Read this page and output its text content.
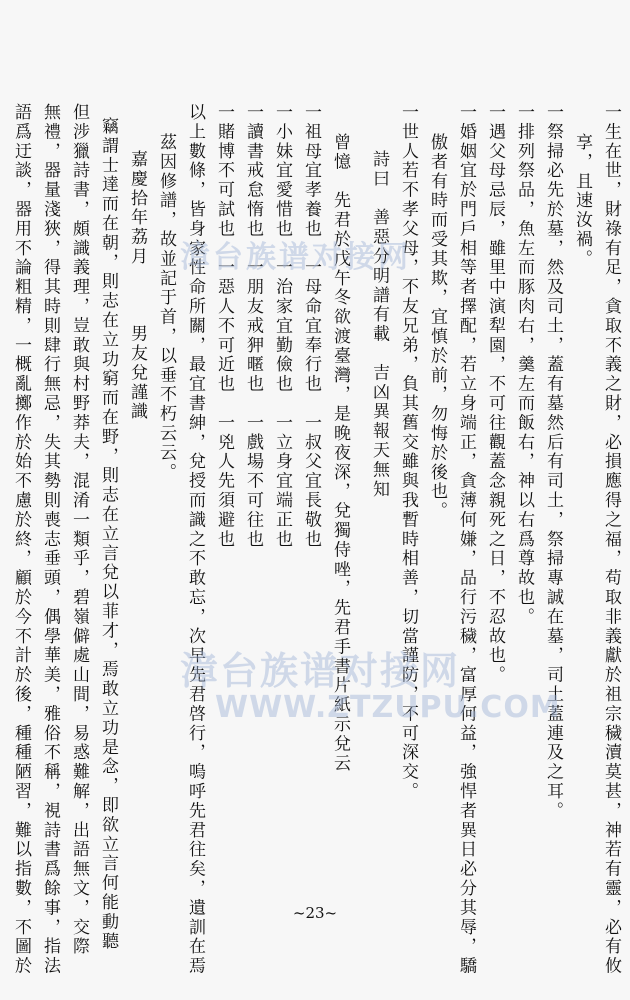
一生在世，財祿有足，貪取不義之財，必損應得之福，苟取非義獻於祖宗穢瀆莫甚，神若有靈，必有攸
享，且速汝禍。
一祭掃必先於墓，然及司土，蓋有墓然后有司土，祭掃專誠在墓，司土蓋連及之耳。
一排列祭品，魚左而豚肉右，羹左而飯右，神以右爲尊故也。
一遇父母忌辰，雖里中演犁園，不可往觀蓋念親死之日，不忍故也。
一婚姻宜於門戶相等者擇配，若立身端正，貪薄何嫌，品行污穢，富厚何益，強悍者異日必分其辱，驕
傲者有時而受其欺，宜慎於前，勿悔於後也。
一世人若不孝父母，不友兄弟，負其舊交雖與我暫時相善，切當謹防，不可深交。
詩曰　善惡分明譜有載　吉凶異報天無知
曾憶　先君於戊午冬欲渡臺灣，是晚夜深，兌獨侍唑，先君手書片紙示兌云
一祖母宜孝養也　一母命宜奉行也　一叔父宜長敬也
一小妹宜愛惜也　一治家宜勤儉也　一立身宜端正也
一讀書戒怠惰也　一朋友戒狎暱也　一戲場不可往也
一賭博不可試也　一惡人不可近也　一兇人先須避也
以上數條，皆身家性命所關，最宜書紳，兌授而識之不敢忘，次早先君啓行，嗚呼先君往矣，遺訓在焉
茲因修譜，故並記于首，以垂不朽云云。
嘉慶拾年荔月　　　男友兌謹識
竊謂士達而在朝，則志在立功窮而在野，則志在立言兌以菲才，焉敢立功是念，即欲立言何能動聽
但涉獵詩書，頗識義理，豈敢與村野莽夫，混淆一類乎，碧嶺僻處山間，易惑難解，出語無文，交際
無禮，器量淺狹，得其時則肆行無忌，失其勢則喪志垂頭，偶學華美，雅俗不稱，視詩書爲餘事，指法
語爲迂談，器用不論粗精，一概亂擲作於始不慮於終，顧於今不計於後，種種陋習，難以指數，不圖於	漳台族谱对接网
漳台族谱对接网
WWW.ZTZUPU.COM
~23~
